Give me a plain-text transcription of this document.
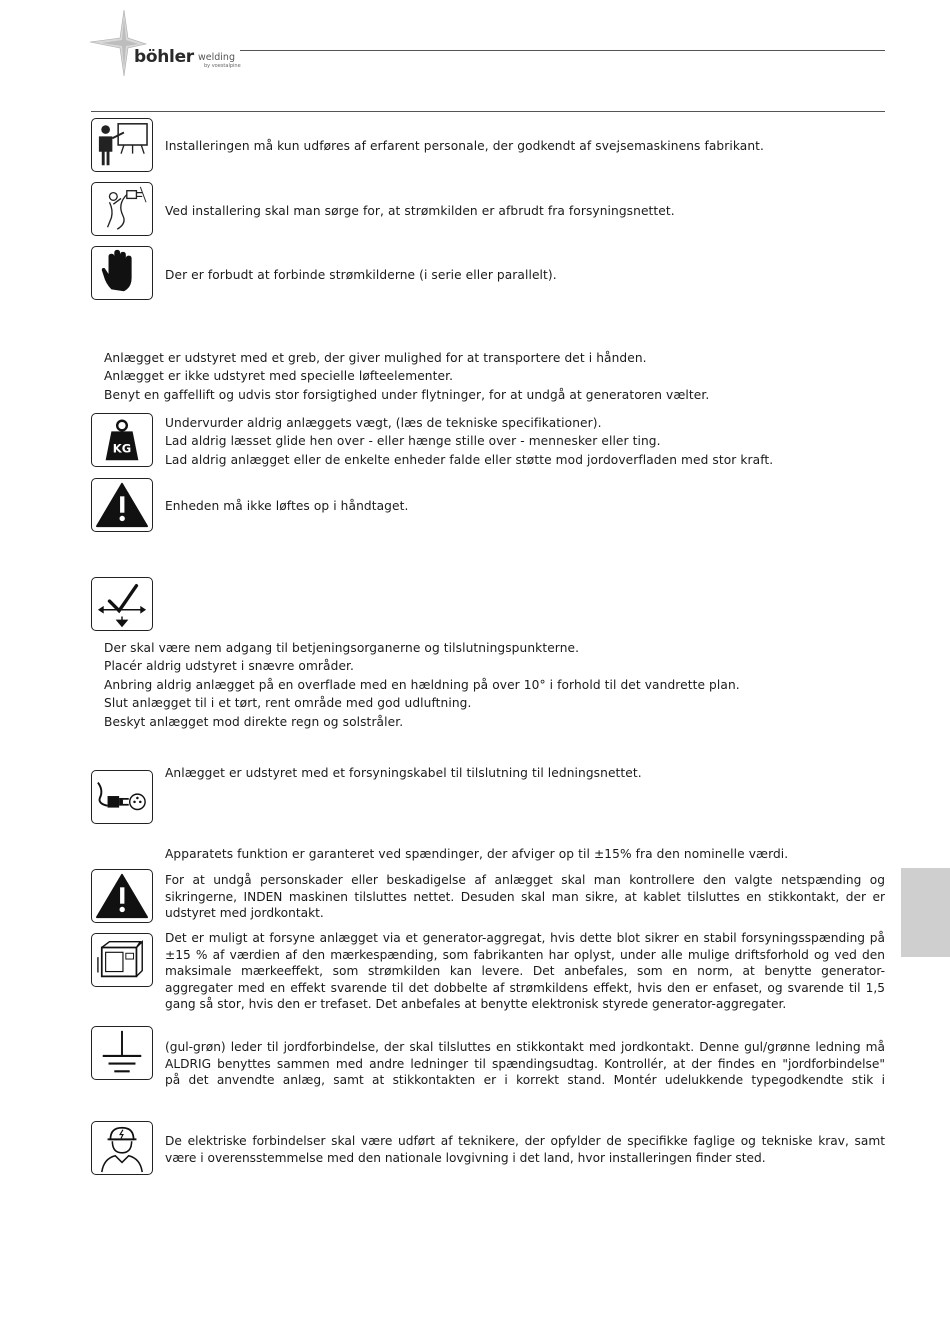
böhler welding
by voestalpine
Installeringen må kun udføres af erfarent personale, der godkendt af svejsemaskinens fabrikant.
Ved installering skal man sørge for, at strømkilden er afbrudt fra forsyningsnettet.
Der er forbudt at forbinde strømkilderne (i serie eller parallelt).
Anlægget er udstyret med et greb, der giver mulighed for at transportere det i hånden.
Anlægget er ikke udstyret med specielle løfteelementer.
Benyt en gaffellift og udvis stor forsigtighed under flytninger, for at undgå at generatoren vælter.
KG
Undervurder aldrig anlæggets vægt, (læs de tekniske specifikationer).
Lad aldrig læsset glide hen over - eller hænge stille over - mennesker eller ting.
Lad aldrig anlægget eller de enkelte enheder falde eller støtte mod jordoverfladen med stor kraft.
Enheden må ikke løftes op i håndtaget.
Der skal være nem adgang til betjeningsorganerne og tilslutningspunkterne.
Placér aldrig udstyret i snævre områder.
Anbring aldrig anlægget på en overflade med en hældning på over 10° i forhold til det vandrette plan.
Slut anlægget til i et tørt, rent område med god udluftning.
Beskyt anlægget mod direkte regn og solstråler.
Anlægget er udstyret med et forsyningskabel til tilslutning til ledningsnettet.
Apparatets funktion er garanteret ved spændinger, der afviger op til ±15% fra den nominelle værdi.
For at undgå personskader eller beskadigelse af anlægget skal man kontrollere den valgte netspænding og
sikringerne, INDEN maskinen tilsluttes nettet. Desuden skal man sikre, at kablet tilsluttes en stikkontakt, der er
udstyret med jordkontakt.
Det er muligt at forsyne anlægget via et generator-aggregat, hvis dette blot sikrer en stabil forsyningsspænding på
±15 % af værdien af den mærkespænding, som fabrikanten har oplyst, under alle mulige driftsforhold og ved den
maksimale mærkeeffekt, som strømkilden kan levere. Det anbefales, som en norm, at benytte generator-
aggregater med en effekt svarende til det dobbelte af strømkildens effekt, hvis den er enfaset, og svarende til 1,5
gang så stor, hvis den er trefaset. Det anbefales at benytte elektronisk styrede generator-aggregater.
(gul-grøn) leder til jordforbindelse, der skal tilsluttes en stikkontakt med jordkontakt. Denne gul/grønne ledning må
ALDRIG benyttes sammen med andre ledninger til spændingsudtag. Kontrollér, at der findes en "jordforbindelse"
på det anvendte anlæg, samt at stikkontakten er i korrekt stand. Montér udelukkende typegodkendte stik i
De elektriske forbindelser skal være udført af teknikere, der opfylder de specifikke faglige og tekniske krav, samt
være i overensstemmelse med den nationale lovgivning i det land, hvor installeringen finder sted.
